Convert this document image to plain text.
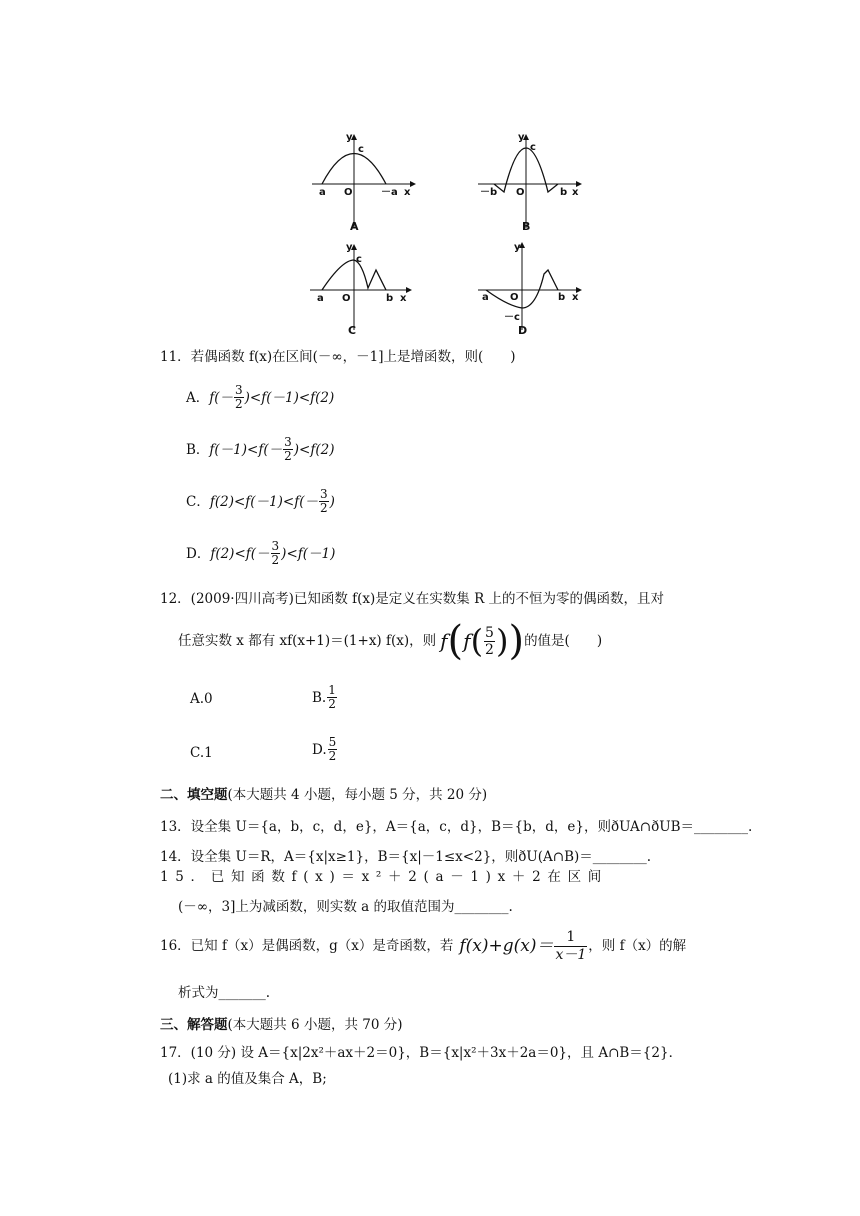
y
c
a O	－a x
A
y
c
－b O	b x
B
y
c
a O	b x
C
y
a O
－c
b x
D
11．若偶函数 f(x)在区间(－∞，－1]上是增函数，则(　　)
A． $f(- \frac{3}{2} )<f(-1)<f(2)$
B． $f(-1)<f(- \frac{3}{2} )<f(2)$
C． $f(2)<f(-1)<f(- \frac{3}{2}$ )
D． $f(2)<f(- \frac{3}{2} )<f(-1)$
12．(2009·四川高考)已知函数 f(x)是定义在实数集 R 上的不恒为零的偶函数，且对
任意实数 x 都有 xf(x+1)＝(1+x) f(x)，则 f ( f ( $\frac{5}{2}$ ) ) 的值是(　　)
A.0	B. $\frac{1}{2}$
C.1	D. $\frac{5}{2}$
二、填空题(本大题共 4 小题，每小题 5 分，共 20 分)
13．设全集 U＝{a，b，c，d，e}，A＝{a，c，d}，B＝{b，d，e}，则ðUA∩ðUB＝________.
14．设全集 U＝R，A＝{x|x≥1}，B＝{x|－1≤x<2}，则ðU(A∩B)＝________.
1 5 ． 已 知 函 数 f ( x ) ＝ x ² ＋ 2 ( a － 1 ) x ＋ 2 在 区 间
(－∞，3]上为减函数，则实数 a 的取值范围为________.
16．已知 f（x）是偶函数，g（x）是奇函数，若 $f(x)+g(x)= \frac{1}{x-1}$ ，则 f（x）的解
析式为_______.
三、解答题(本大题共 6 小题，共 70 分)
17．(10 分) 设 A＝{x|2x²＋ax＋2＝0}，B＝{x|x²＋3x＋2a＝0}，且 A∩B＝{2}．
(1)求 a 的值及集合 A，B;
